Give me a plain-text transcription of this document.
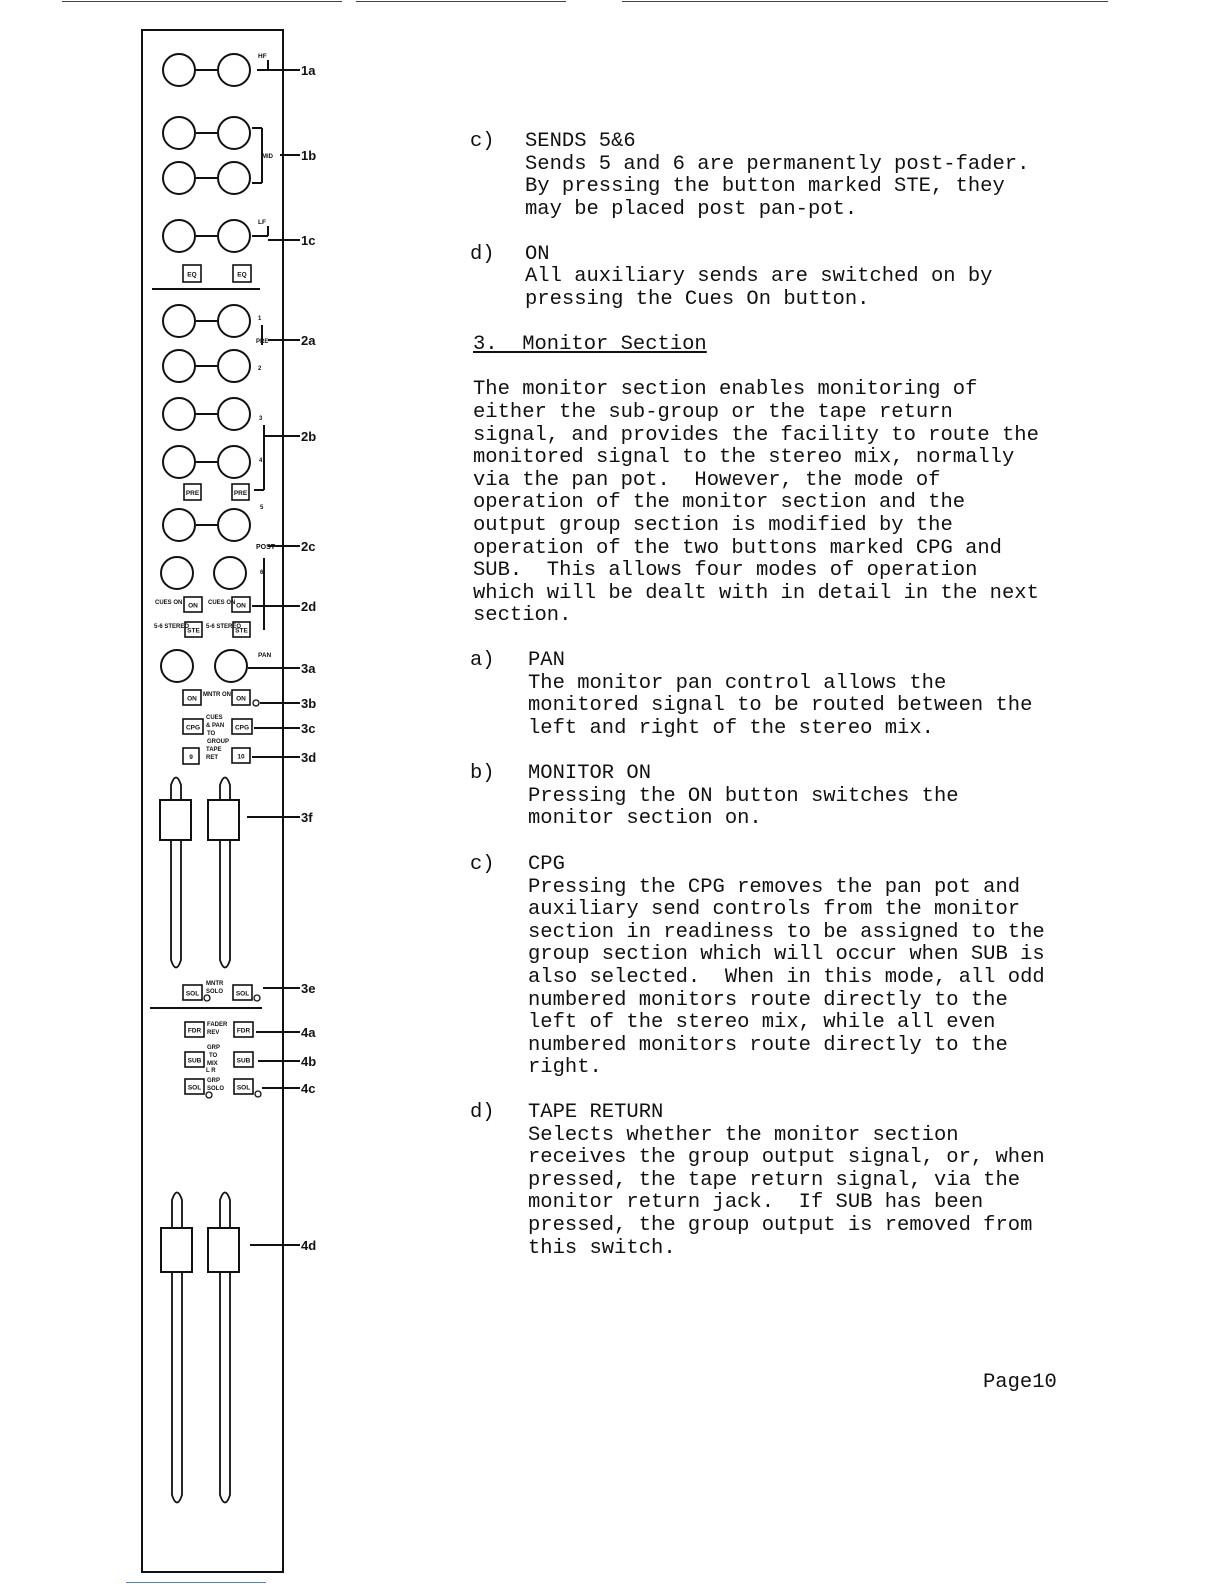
HF
1a
MID 1b
LF
1c
EQ	EQ
1
PRE
2
2a
3
4
2b
PRE	PRE
5
POST
6
2c
CUES ON ON CUES ON ON	2d
5-6 STEREO
STE
5-6 STEREO
STE
PAN
3a
ON
MNTR ON
ON	3b
CPG	CPG
CUES
& PAN
TO
GROUP
3c
9	10
TAPE
RET	3d
3f
SOL
MNTR
SOLO SOL	3e
FDR
FADER
REV	FDR	4a
SUB	SUB
GRP
TO
MIX
L R
4b
SOL
GRP
SOLO SOL	4c
4d

c)

SENDS 5&6

Sends 5 and 6 are permanently post-fader.

By pressing the button marked STE, they

may be placed post pan-pot.

d)

ON

All auxiliary sends are switched on by

pressing the Cues On button.

3.  Monitor Section

The monitor section enables monitoring of

either the sub-group or the tape return

signal, and provides the facility to route the

monitored signal to the stereo mix, normally

via the pan pot.  However, the mode of

operation of the monitor section and the

output group section is modified by the

operation of the two buttons marked CPG and

SUB.  This allows four modes of operation

which will be dealt with in detail in the next

section.

a)

PAN

The monitor pan control allows the

monitored signal to be routed between the

left and right of the stereo mix.

b)

MONITOR ON

Pressing the ON button switches the

monitor section on.

c)

CPG

Pressing the CPG removes the pan pot and

auxiliary send controls from the monitor

section in readiness to be assigned to the

group section which will occur when SUB is

also selected.  When in this mode, all odd

numbered monitors route directly to the

left of the stereo mix, while all even

numbered monitors route directly to the

right.

d)

TAPE RETURN

Selects whether the monitor section

receives the group output signal, or, when

pressed, the tape return signal, via the

monitor return jack.  If SUB has been

pressed, the group output is removed from

this switch.

Page10
